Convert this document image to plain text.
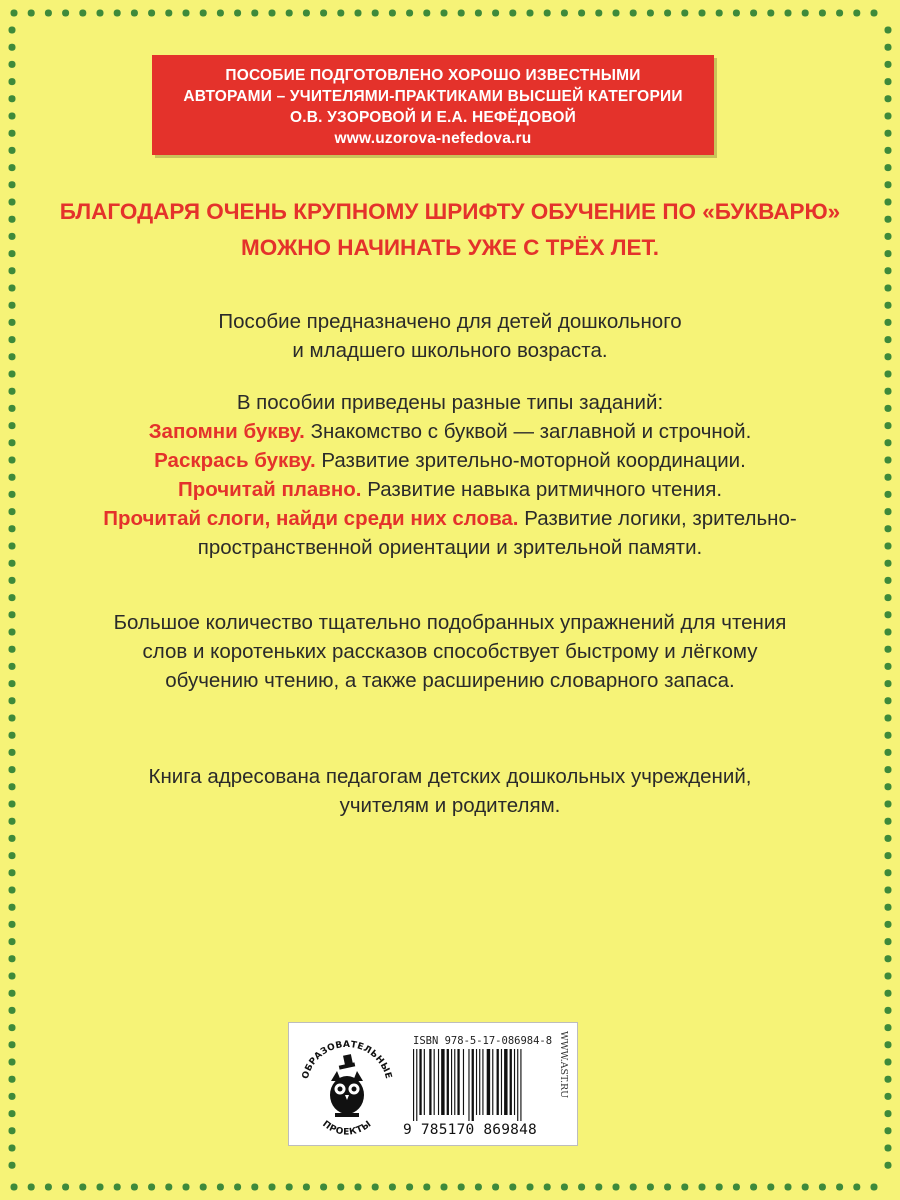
ПОСОБИЕ ПОДГОТОВЛЕНО ХОРОШО ИЗВЕСТНЫМИ
АВТОРАМИ – УЧИТЕЛЯМИ-ПРАКТИКАМИ ВЫСШЕЙ КАТЕГОРИИ
О.В. УЗОРОВОЙ И Е.А. НЕФЁДОВОЙ
www.uzorova-nefedova.ru
БЛАГОДАРЯ ОЧЕНЬ КРУПНОМУ ШРИФТУ ОБУЧЕНИЕ ПО «БУКВАРЮ»
МОЖНО НАЧИНАТЬ УЖЕ С ТРЁХ ЛЕТ.
Пособие предназначено для детей дошкольного
и младшего школьного возраста.
В пособии приведены разные типы заданий:
Запомни букву. Знакомство с буквой — заглавной и строчной.
Раскрась букву. Развитие зрительно-моторной координации.
Прочитай плавно. Развитие навыка ритмичного чтения.
Прочитай слоги, найди среди них слова. Развитие логики, зрительно-
пространственной ориентации и зрительной памяти.
Большое количество тщательно подобранных упражнений для чтения
слов и коротеньких рассказов способствует быстрому и лёгкому
обучению чтению, а также расширению словарного запаса.
Книга адресована педагогам детских дошкольных учреждений,
учителям и родителям.
ОБРАЗОВАТЕЛЬНЫЕ
ПРОЕКТЫ
ISBN 978-5-17-086984-8
9 785170 869848
WWW.AST.RU
